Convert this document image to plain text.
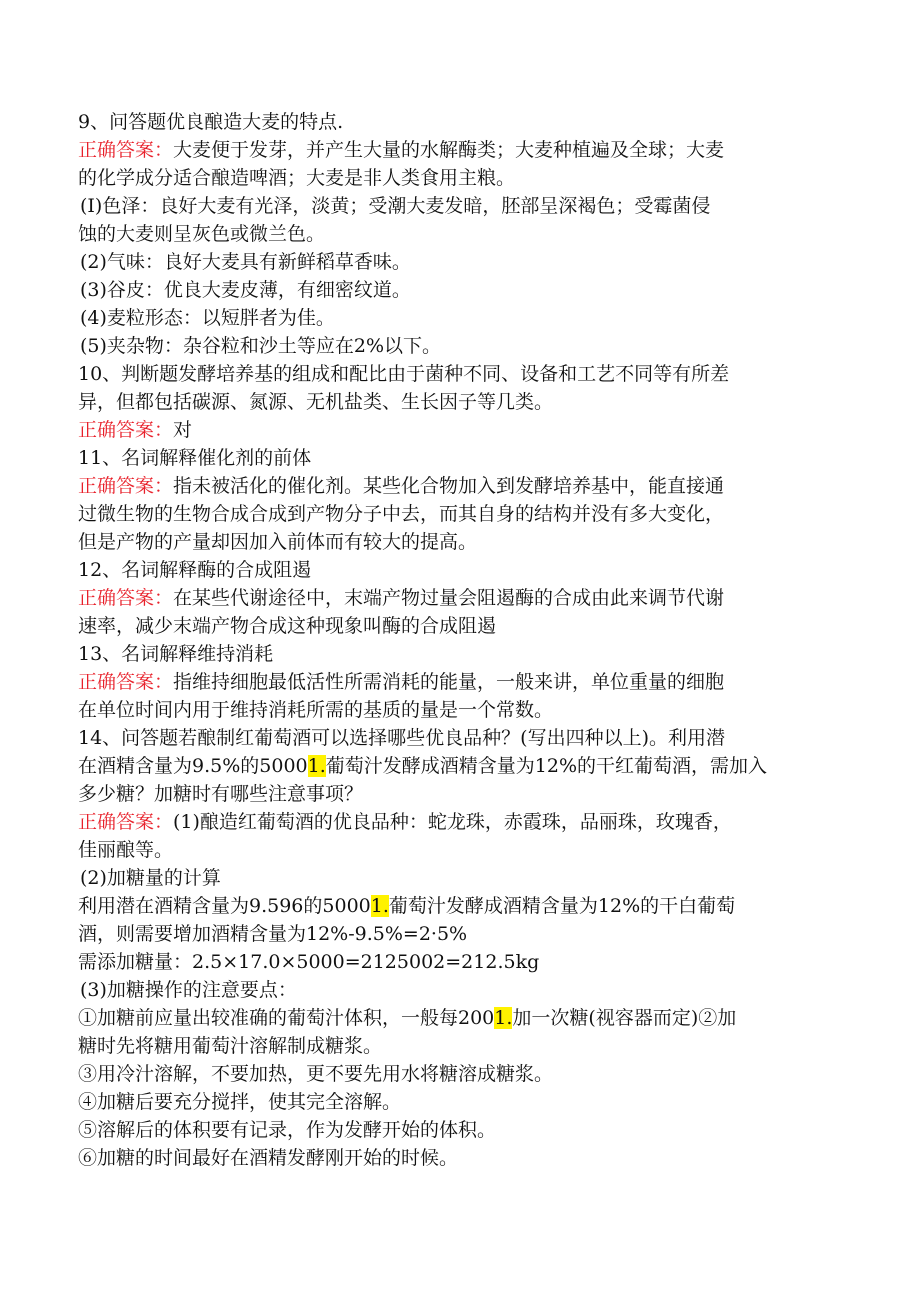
9、问答题优良酿造大麦的特点.
正确答案：大麦便于发芽，并产生大量的水解酶类；大麦种植遍及全球；大麦
的化学成分适合酿造啤酒；大麦是非人类食用主粮。
(I)色泽：良好大麦有光泽，淡黄；受潮大麦发暗，胚部呈深褐色；受霉菌侵
蚀的大麦则呈灰色或微兰色。
(2)气味：良好大麦具有新鲜稻草香味。
(3)谷皮：优良大麦皮薄，有细密纹道。
(4)麦粒形态：以短胖者为佳。
(5)夹杂物：杂谷粒和沙土等应在2%以下。
10、判断题发酵培养基的组成和配比由于菌种不同、设备和工艺不同等有所差
异，但都包括碳源、氮源、无机盐类、生长因子等几类。
正确答案：对
11、名词解释催化剂的前体
正确答案：指未被活化的催化剂。某些化合物加入到发酵培养基中，能直接通
过微生物的生物合成合成到产物分子中去，而其自身的结构并没有多大变化，
但是产物的产量却因加入前体而有较大的提高。
12、名词解释酶的合成阻遏
正确答案：在某些代谢途径中，末端产物过量会阻遏酶的合成由此来调节代谢
速率，减少末端产物合成这种现象叫酶的合成阻遏
13、名词解释维持消耗
正确答案：指维持细胞最低活性所需消耗的能量，一般来讲，单位重量的细胞
在单位时间内用于维持消耗所需的基质的量是一个常数。
14、问答题若酿制红葡萄酒可以选择哪些优良品种？(写出四种以上)。利用潜
在酒精含量为9.5%的50001.葡萄汁发酵成酒精含量为12%的干红葡萄酒，需加入
多少糖？加糖时有哪些注意事项？
正确答案：(1)酿造红葡萄酒的优良品种：蛇龙珠，赤霞珠，品丽珠，玫瑰香，
佳丽酿等。
(2)加糖量的计算
利用潜在酒精含量为9.596的50001.葡萄汁发酵成酒精含量为12%的干白葡萄
酒，则需要增加酒精含量为12%-9.5%=2·5%
需添加糖量：2.5×17.0×5000=2125002=212.5kg
(3)加糖操作的注意要点：
①加糖前应量出较准确的葡萄汁体积，一般每2001.加一次糖(视容器而定)②加
糖时先将糖用葡萄汁溶解制成糖浆。
③用冷汁溶解，不要加热，更不要先用水将糖溶成糖浆。
④加糖后要充分搅拌，使其完全溶解。
⑤溶解后的体积要有记录，作为发酵开始的体积。
⑥加糖的时间最好在酒精发酵刚开始的时候。
